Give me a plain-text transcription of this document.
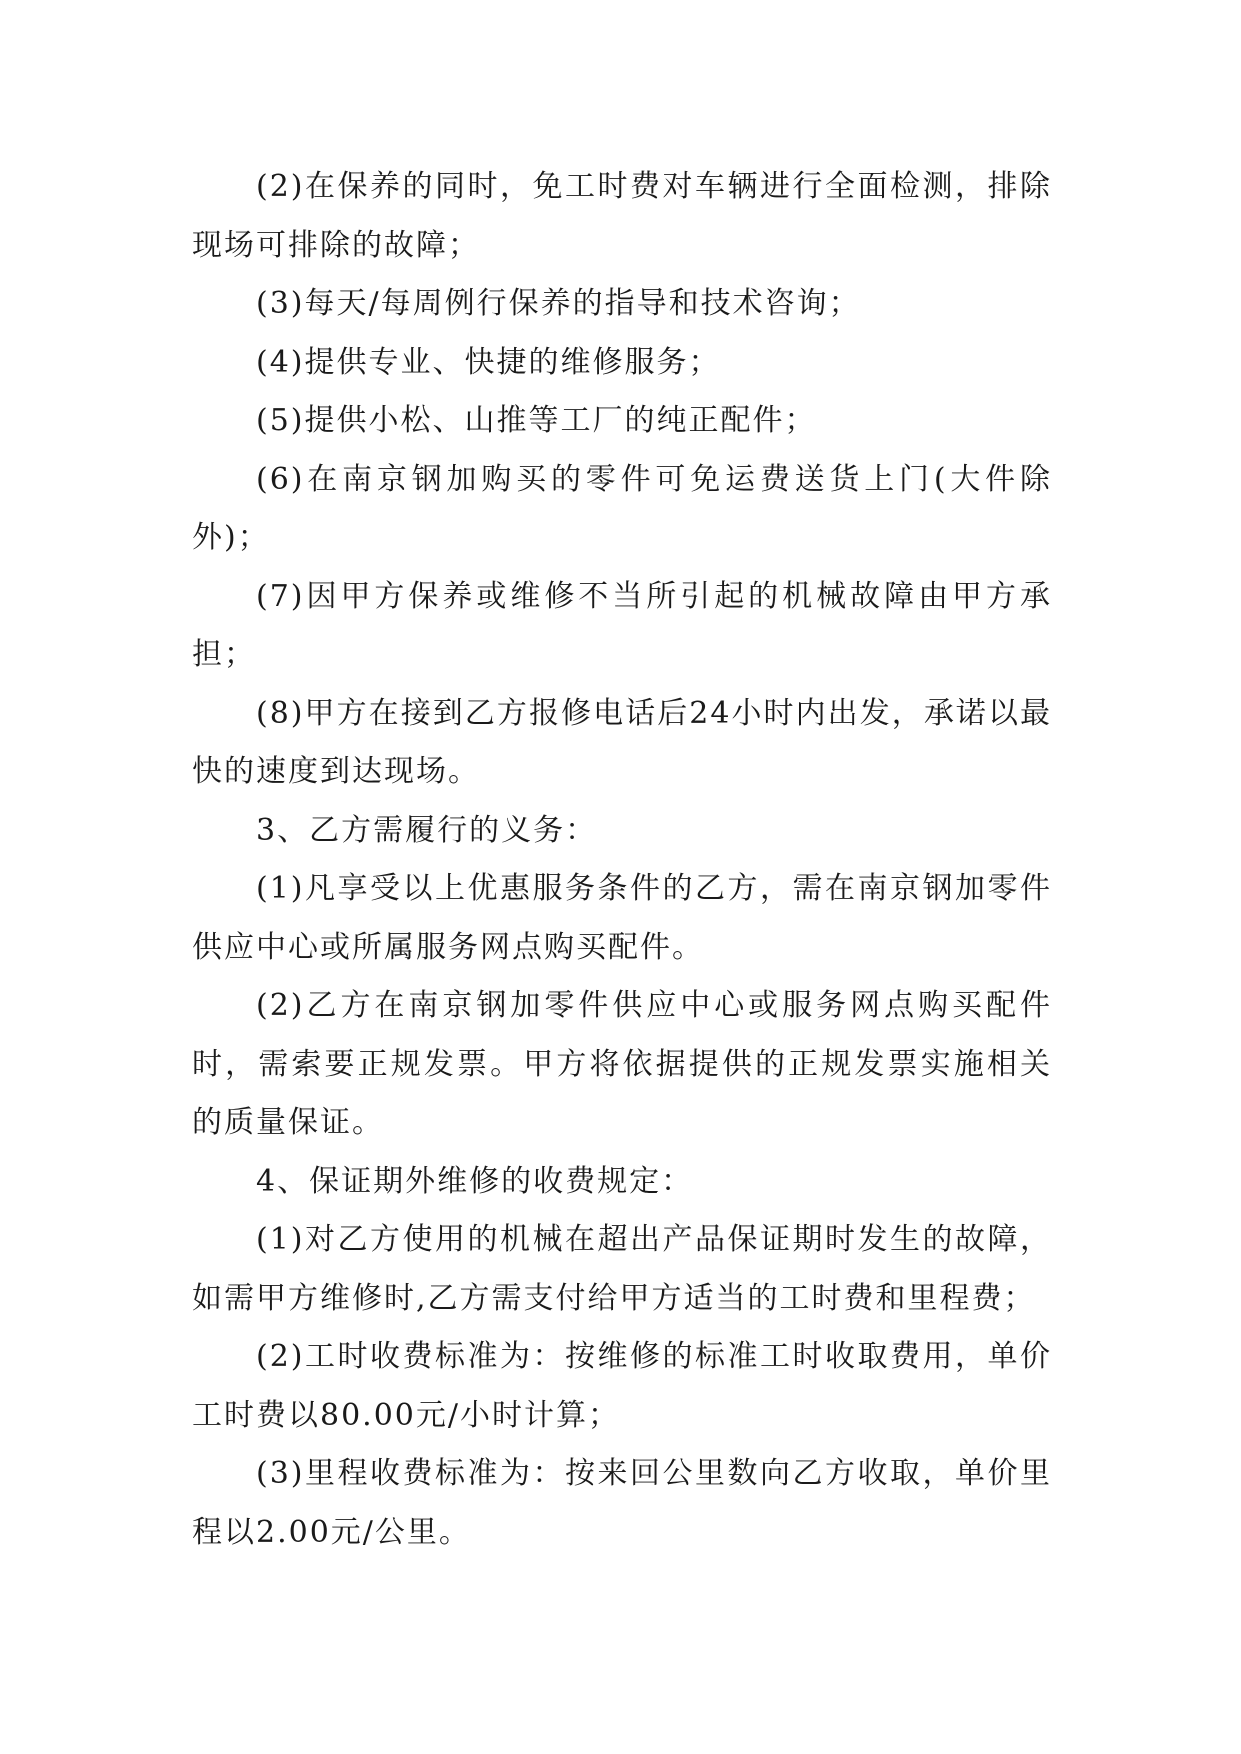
(2)在保养的同时，免工时费对车辆进行全面检测，排除现场可排除的故障；

(3)每天/每周例行保养的指导和技术咨询；

(4)提供专业、快捷的维修服务；

(5)提供小松、山推等工厂的纯正配件；

(6)在南京钢加购买的零件可免运费送货上门(大件除外)；

(7)因甲方保养或维修不当所引起的机械故障由甲方承担；

(8)甲方在接到乙方报修电话后24小时内出发，承诺以最快的速度到达现场。

3、乙方需履行的义务：

(1)凡享受以上优惠服务条件的乙方，需在南京钢加零件供应中心或所属服务网点购买配件。

(2)乙方在南京钢加零件供应中心或服务网点购买配件时，需索要正规发票。甲方将依据提供的正规发票实施相关的质量保证。

4、保证期外维修的收费规定：

(1)对乙方使用的机械在超出产品保证期时发生的故障，如需甲方维修时,乙方需支付给甲方适当的工时费和里程费；

(2)工时收费标准为：按维修的标准工时收取费用，单价工时费以80.00元/小时计算；

(3)里程收费标准为：按来回公里数向乙方收取，单价里程以2.00元/公里。
